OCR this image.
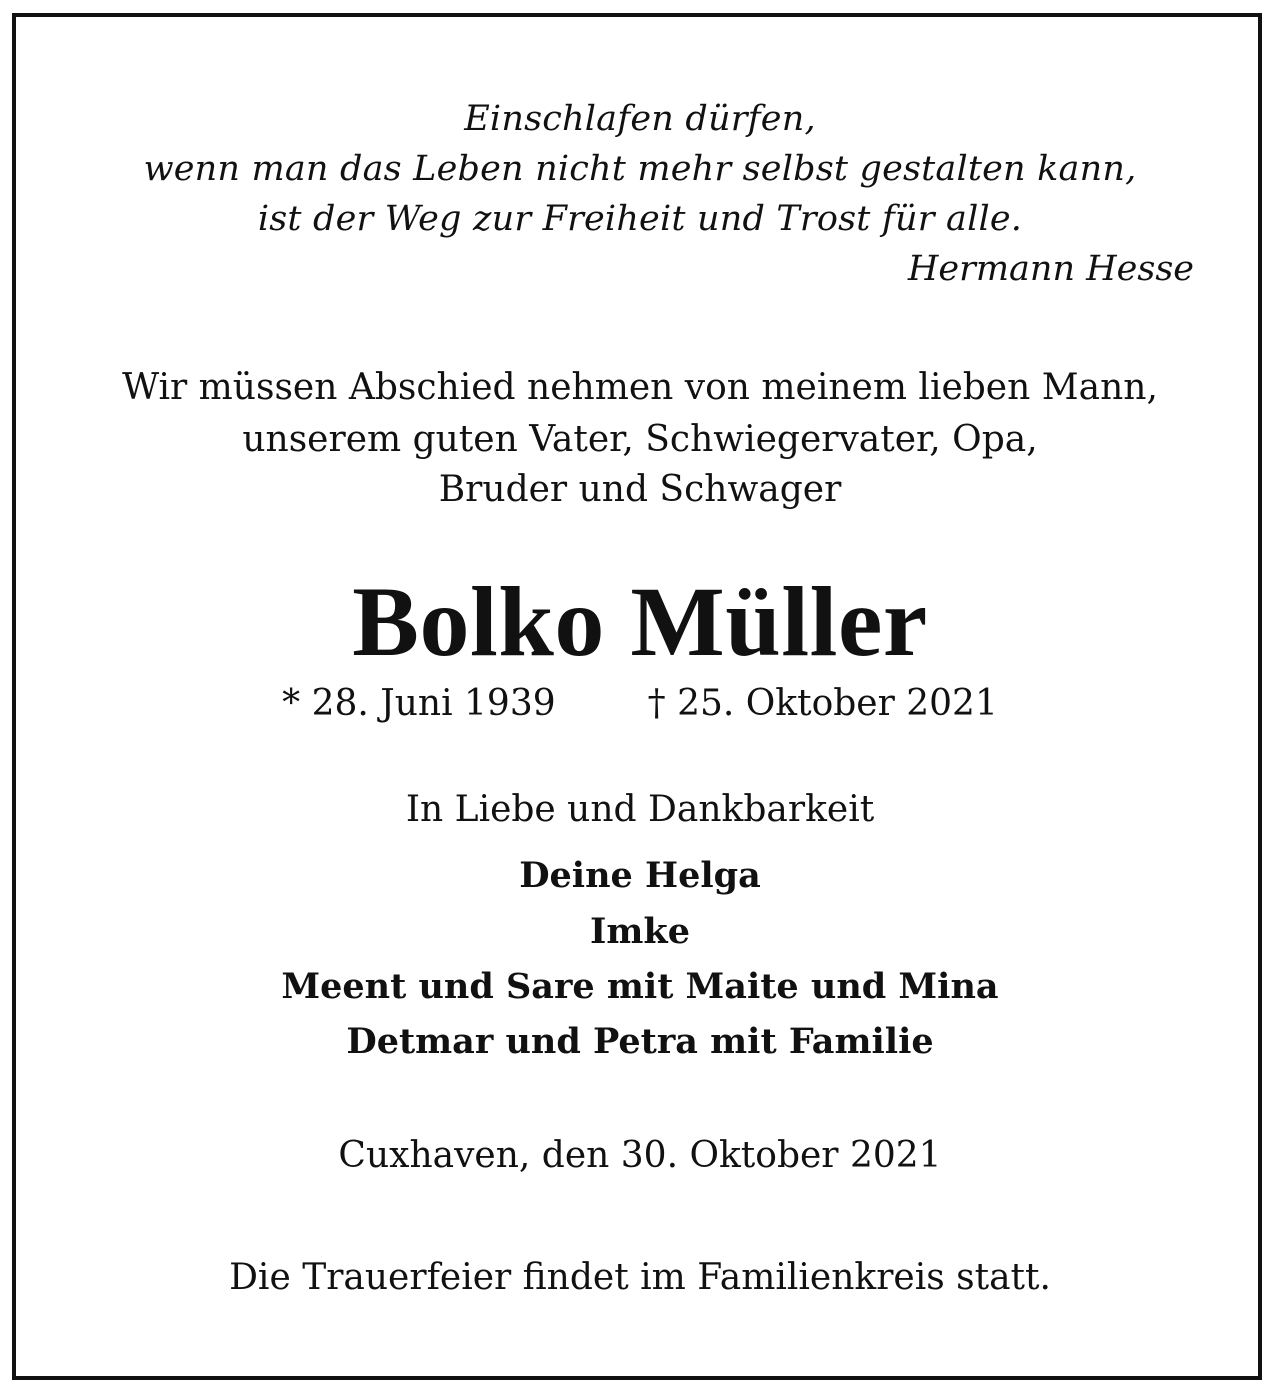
Einschlafen dürfen,
wenn man das Leben nicht mehr selbst gestalten kann,
ist der Weg zur Freiheit und Trost für alle.
Hermann Hesse
Wir müssen Abschied nehmen von meinem lieben Mann,
unserem guten Vater, Schwiegervater, Opa,
Bruder und Schwager
Bolko Müller
* 28. Juni 1939	† 25. Oktober 2021
In Liebe und Dankbarkeit
Deine Helga
Imke
Meent und Sare mit Maite und Mina
Detmar und Petra mit Familie
Cuxhaven, den 30. Oktober 2021
Die Trauerfeier findet im Familienkreis statt.
